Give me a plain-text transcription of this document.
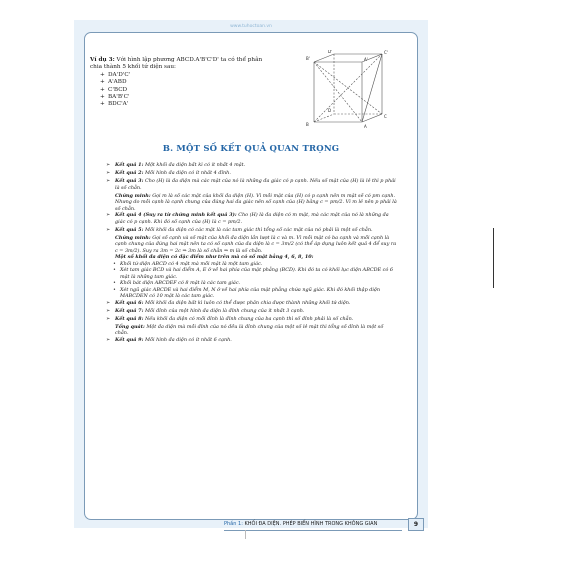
www.tuhoctoan.vn
Ví dụ 3: Với hình lập phương ABCD.A'B'C'D' ta có thể phân chia thành 5 khối tứ diện sau:
+ DA'D'C'
+ A'ABD
+ C'BCD
+ BA'B'C'
+ BDC'A'
B'
C'
A'
D'
B
C
A
D
B. MỘT SỐ KẾT QUẢ QUAN TRỌNG
➢ Kết quả 1: Một khối đa diện bất kì có ít nhất 4 mặt.
➢ Kết quả 2: Mỗi hình đa diện có ít nhất 4 đỉnh.
➢ Kết quả 3: Cho (H) là đa diện mà các mặt của nó là những đa giác có p cạnh. Nếu số mặt của (H) là lẻ thì p phải là số chẵn.
Chứng minh: Gọi m là số các mặt của khối đa diện (H). Vì mỗi mặt của (H) có p cạnh nên m mặt sẽ có pm cạnh. Nhưng do mỗi cạnh là cạnh chung của đúng hai đa giác nên số cạnh của (H) bằng c = pm/2. Vì m lẻ nên p phải là số chẵn.
➢ Kết quả 4 (Suy ra từ chứng minh kết quả 3): Cho (H) là đa diện có m mặt, mà các mặt của nó là những đa giác có p cạnh. Khi đó số cạnh của (H) là c = pm/2.
➢ Kết quả 5: Mỗi khối đa diện có các mặt là các tam giác thì tổng số các mặt của nó phải là một số chẵn.
Chứng minh: Gọi số cạnh và số mặt của khối đa diện lần lượt là c và m. Vì mỗi mặt có ba cạnh và mỗi cạnh là cạnh chung của đúng hai mặt nên ta có số cạnh của đa diện là c = 3m/2 (có thể áp dụng luôn kết quả 4 để suy ra c = 3m/2). Suy ra 3m = 2c ⇒ 3m là số chẵn ⇒ m là số chẵn.
Một số khối đa diện có đặc điểm như trên mà có số mặt bằng 4, 6, 8, 10:
• Khối tứ diện ABCD có 4 mặt mà mỗi mặt là một tam giác.
• Xét tam giác BCD và hai điểm A, E ở về hai phía của mặt phẳng (BCD). Khi đó ta có khối lục diện ABCDE có 6 mặt là những tam giác.
• Khối bát diện ABCDEF có 8 mặt là các tam giác.
• Xét ngũ giác ABCDE và hai điểm M, N ở về hai phía của mặt phẳng chứa ngũ giác. Khi đó khối thập diện MABCDEN có 10 mặt là các tam giác.
➢ Kết quả 6: Mỗi khối đa diện bất kì luôn có thể được phân chia được thành những khối tứ diện.
➢ Kết quả 7: Mỗi đỉnh của một hình đa diện là đỉnh chung của ít nhất 3 cạnh.
➢ Kết quả 8: Nếu khối đa diện có mỗi đỉnh là đỉnh chung của ba cạnh thì số đỉnh phải là số chẵn.
Tổng quát: Một đa diện mà mỗi đỉnh của nó đều là đỉnh chung của một số lẻ mặt thì tổng số đỉnh là một số chẵn.
➢ Kết quả 9: Mỗi hình đa diện có ít nhất 6 cạnh.
Phần 1: KHỐI ĐA DIỆN. PHÉP BIẾN HÌNH TRONG KHÔNG GIAN	9
